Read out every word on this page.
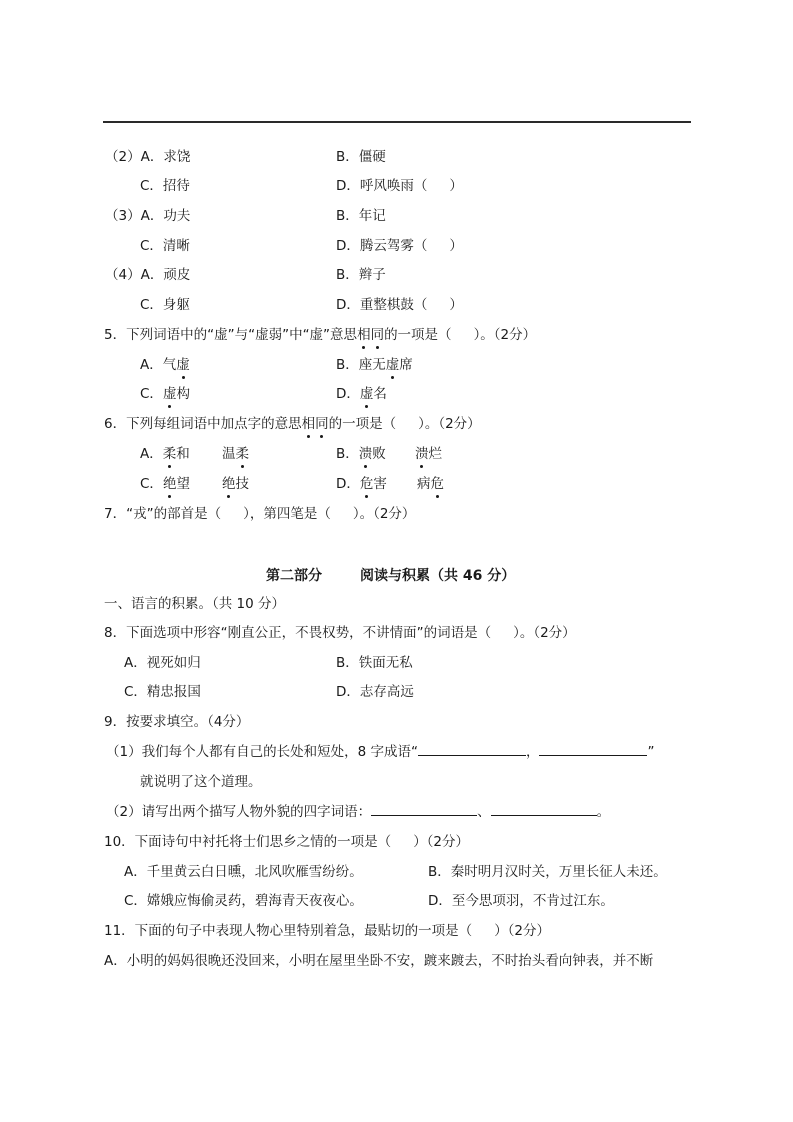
（2）A．求饶	B．僵硬
C．招待	D．呼风唤雨（ ）
（3）A．功夫	B．年记
C．清晰	D．腾云驾雾（ ）
（4）A．顽皮	B．辫子
C．身躯	D．重整棋鼓（ ）
5．下列词语中的“虚”与“虚弱”中“虚”意思相同的一项是（ ）。（2分）
A．气虚	B．座无虚席
C．虚构	D．虚名
6．下列每组词语中加点字的意思相同的一项是（ ）。（2分）
A．柔和 温柔	B．溃败 溃烂
C．绝望 绝技	D．危害 病危
7．“戎”的部首是（ ），第四笔是（ ）。（2分）
第二部分	阅读与积累（共 46 分）
一、语言的积累。（共 10 分）
8．下面选项中形容“刚直公正，不畏权势，不讲情面”的词语是（ ）。（2分）
A．视死如归	B．铁面无私
C．精忠报国	D．志存高远
9．按要求填空。（4分）
（1）我们每个人都有自己的长处和短处，8 字成语“	，	”
就说明了这个道理。
（2）请写出两个描写人物外貌的四字词语：	、	。
10．下面诗句中衬托将士们思乡之情的一项是（ ）（2分）
A．千里黄云白日曛，北风吹雁雪纷纷。	B．秦时明月汉时关，万里长征人未还。
C．嫦娥应悔偷灵药，碧海青天夜夜心。	D．至今思项羽，不肯过江东。
11．下面的句子中表现人物心里特别着急，最贴切的一项是（ ）（2分）
A．小明的妈妈很晚还没回来，小明在屋里坐卧不安，踱来踱去，不时抬头看向钟表，并不断
